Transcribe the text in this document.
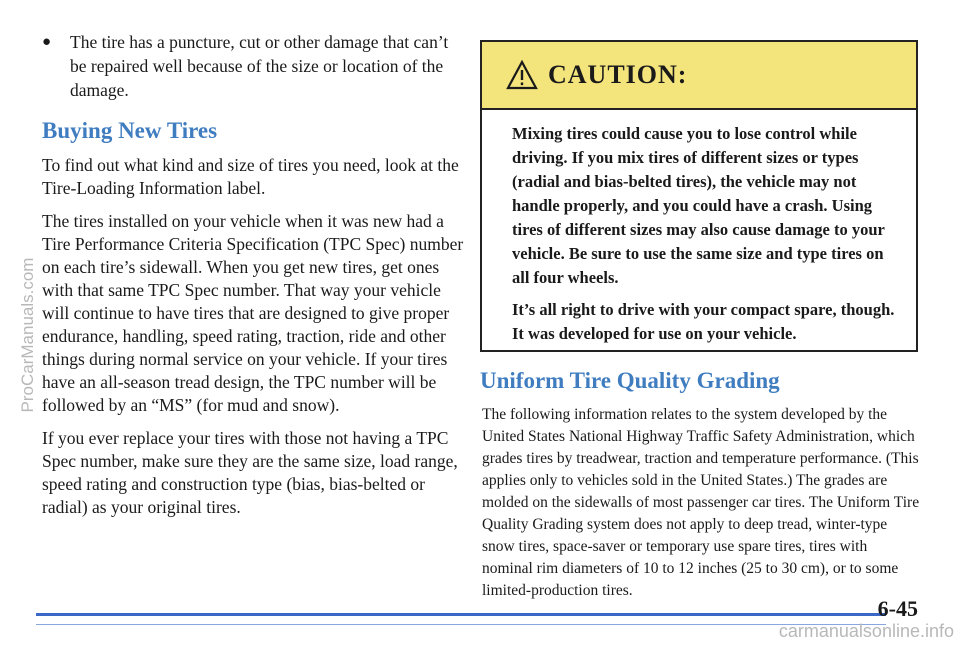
●	The tire has a puncture, cut or other damage that can’t be repaired well because of the size or location of the damage.
Buying New Tires

To find out what kind and size of tires you need, look at the Tire-Loading Information label.

The tires installed on your vehicle when it was new had a Tire Performance Criteria Specification (TPC Spec) number on each tire’s sidewall. When you get new tires, get ones with that same TPC Spec number. That way your vehicle will continue to have tires that are designed to give proper endurance, handling, speed rating, traction, ride and other things during normal service on your vehicle. If your tires have an all-season tread design, the TPC number will be followed by an “MS” (for mud and snow).

If you ever replace your tires with those not having a TPC Spec number, make sure they are the same size, load range, speed rating and construction type (bias, bias-belted or radial) as your original tires.

CAUTION:

Mixing tires could cause you to lose control while driving. If you mix tires of different sizes or types (radial and bias-belted tires), the vehicle may not handle properly, and you could have a crash. Using tires of different sizes may also cause damage to your vehicle. Be sure to use the same size and type tires on all four wheels.

It’s all right to drive with your compact spare, though. It was developed for use on your vehicle.

Uniform Tire Quality Grading

The following information relates to the system developed by the United States National Highway Traffic Safety Administration, which grades tires by treadwear, traction and temperature performance. (This applies only to vehicles sold in the United States.) The grades are molded on the sidewalls of most passenger car tires. The Uniform Tire Quality Grading system does not apply to deep tread, winter-type snow tires, space-saver or temporary use spare tires, tires with nominal rim diameters of 10 to 12 inches (25 to 30 cm), or to some limited-production tires.

6-45
ProCarManuals.com
carmanualsonline.info
